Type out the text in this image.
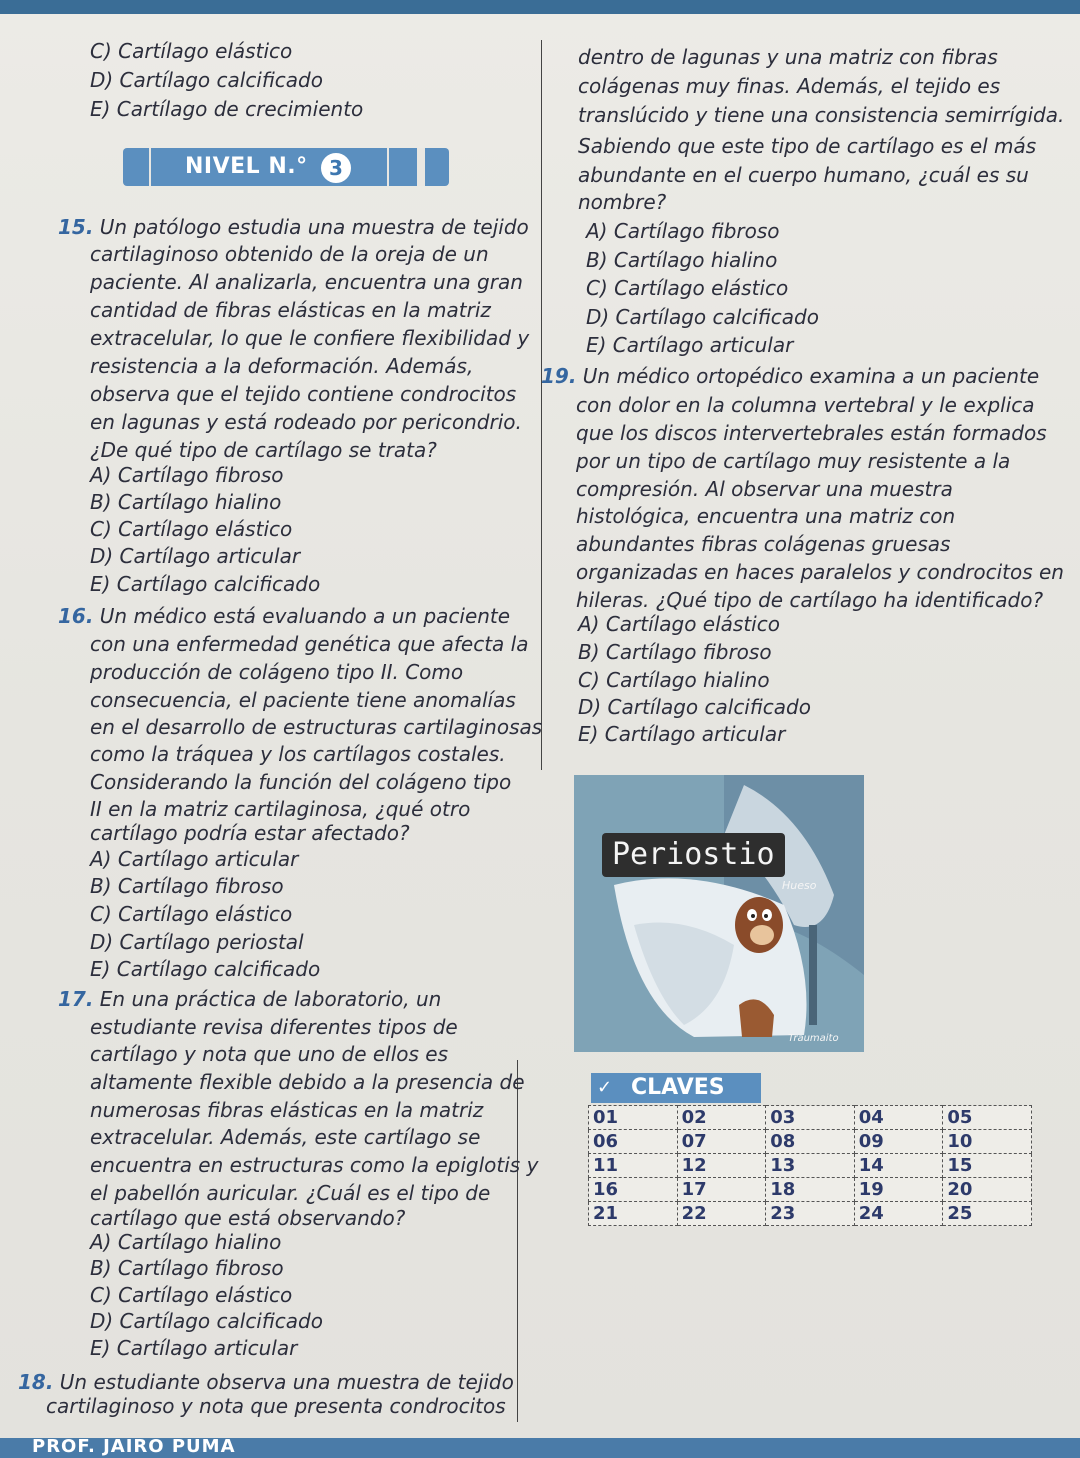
C) Cartílago elástico
D) Cartílago calcificado
E) Cartílago de crecimiento
NIVEL N.°	3
15. Un patólogo estudia una muestra de tejido
cartilaginoso obtenido de la oreja de un
paciente. Al analizarla, encuentra una gran
cantidad de fibras elásticas en la matriz
extracelular, lo que le confiere flexibilidad y
resistencia a la deformación. Además,
observa que el tejido contiene condrocitos
en lagunas y está rodeado por pericondrio.
¿De qué tipo de cartílago se trata?
A) Cartílago fibroso
B) Cartílago hialino
C) Cartílago elástico
D) Cartílago articular
E) Cartílago calcificado
16. Un médico está evaluando a un paciente
con una enfermedad genética que afecta la
producción de colágeno tipo II. Como
consecuencia, el paciente tiene anomalías
en el desarrollo de estructuras cartilaginosas
como la tráquea y los cartílagos costales.
Considerando la función del colágeno tipo
II en la matriz cartilaginosa, ¿qué otro
cartílago podría estar afectado?
A) Cartílago articular
B) Cartílago fibroso
C) Cartílago elástico
D) Cartílago periostal
E) Cartílago calcificado
17. En una práctica de laboratorio, un
estudiante revisa diferentes tipos de
cartílago y nota que uno de ellos es
altamente flexible debido a la presencia de
numerosas fibras elásticas en la matriz
extracelular. Además, este cartílago se
encuentra en estructuras como la epiglotis y
el pabellón auricular. ¿Cuál es el tipo de
cartílago que está observando?
A) Cartílago hialino
B) Cartílago fibroso
C) Cartílago elástico
D) Cartílago calcificado
E) Cartílago articular
18. Un estudiante observa una muestra de tejido
cartilaginoso y nota que presenta condrocitos
dentro de lagunas y una matriz con fibras
colágenas muy finas. Además, el tejido es
translúcido y tiene una consistencia semirrígida.
Sabiendo que este tipo de cartílago es el más
abundante en el cuerpo humano, ¿cuál es su
nombre?
A) Cartílago fibroso
B) Cartílago hialino
C) Cartílago elástico
D) Cartílago calcificado
E) Cartílago articular
19. Un médico ortopédico examina a un paciente
con dolor en la columna vertebral y le explica
que los discos intervertebrales están formados
por un tipo de cartílago muy resistente a la
compresión. Al observar una muestra
histológica, encuentra una matriz con
abundantes fibras colágenas gruesas
organizadas en haces paralelos y condrocitos en
hileras. ¿Qué tipo de cartílago ha identificado?
A) Cartílago elástico
B) Cartílago fibroso
C) Cartílago hialino
D) Cartílago calcificado
E) Cartílago articular
Periostio
Hueso
Traumaito
✓ CLAVES
01	02	03	04	05
06	07	08	09	10
11	12	13	14	15
16	17	18	19	20
21	22	23	24	25
PROF. JAIRO PUMA
